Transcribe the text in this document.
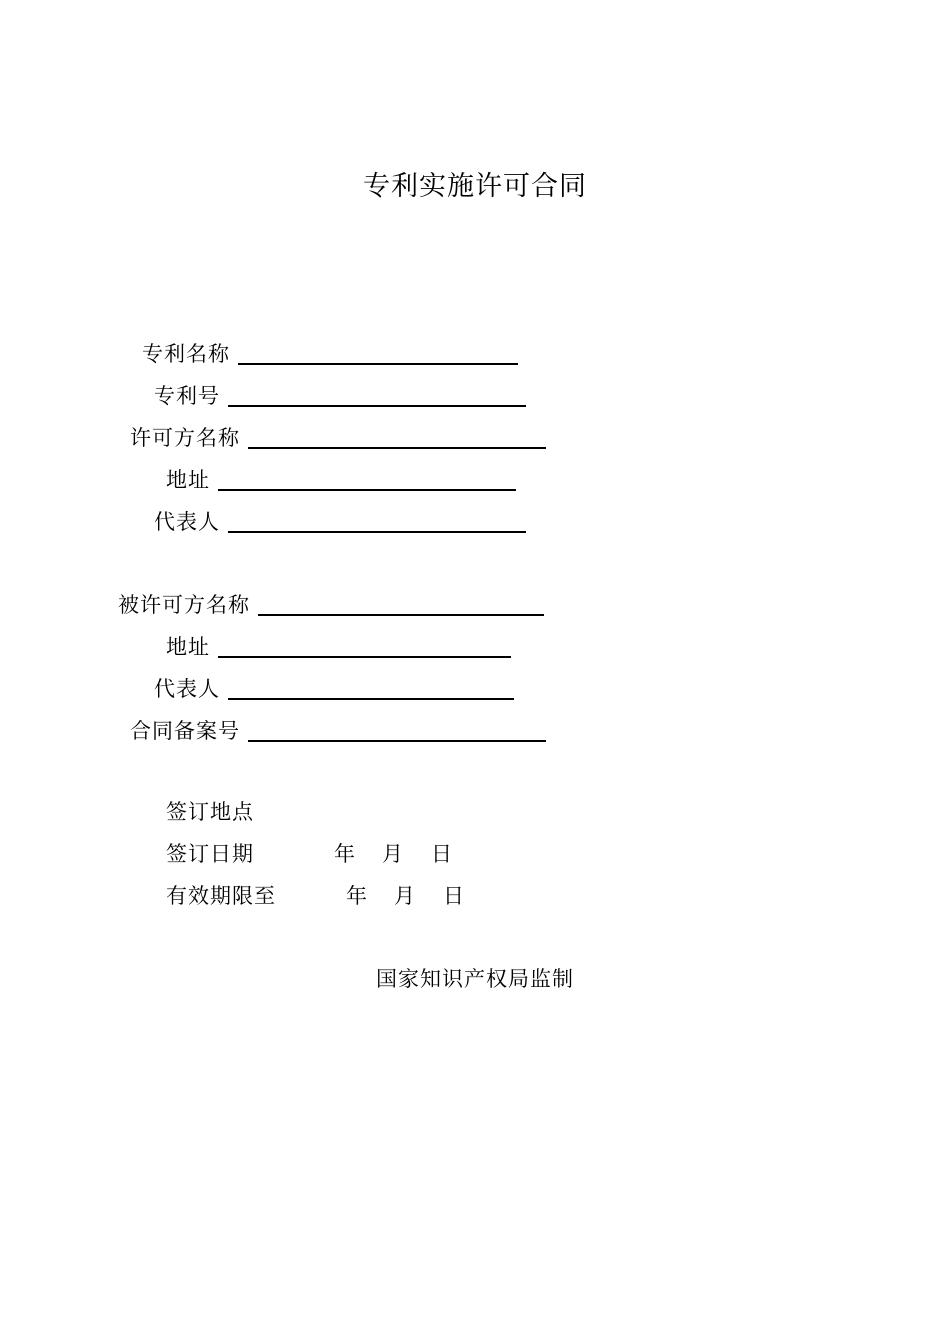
专利实施许可合同
专利名称
专利号
许可方名称
地址
代表人
被许可方名称
地址
代表人
合同备案号
签订地点
签订日期	年 月 日
有效期限至	年 月 日
国家知识产权局监制
